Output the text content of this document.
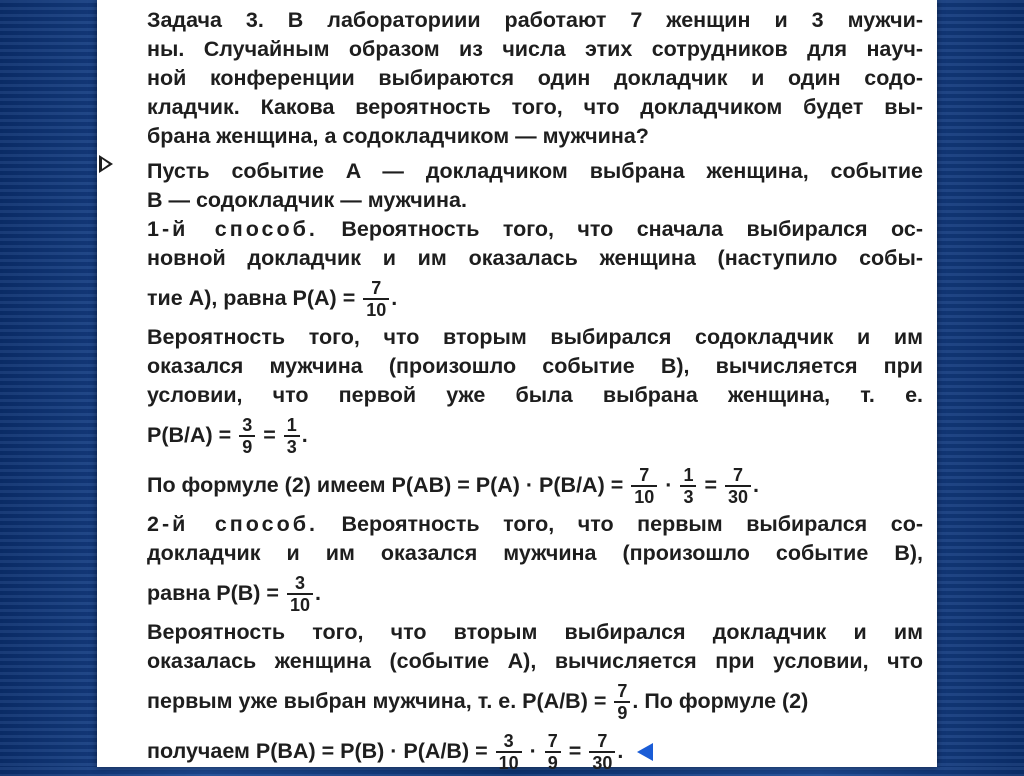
Задача 3. В лабораториии работают 7 женщин и 3 мужчи-
ны. Случайным образом из числа этих сотрудников для науч-
ной конференции выбираются один докладчик и один содо-
кладчик. Какова вероятность того, что докладчиком будет вы-
брана женщина, а содокладчиком — мужчина?
Пусть событие A — докладчиком выбрана женщина, событие
B — содокладчик — мужчина.
1-й способ. Вероятность того, что сначала выбирался ос-
новной докладчик и им оказалась женщина (наступило собы-
тие A), равна $P(A) = \frac{7}{10}$ .
Вероятность того, что вторым выбирался содокладчик и им
оказался мужчина (произошло событие B), вычисляется при
условии, что первой уже была выбрана женщина, т. е.
$P(B/A) = \frac{3}{9} = \frac{1}{3}$ .
По формуле (2) имеем $P(AB) = P(A) \cdot P(B/A) = \frac{7}{10} \cdot \frac{1}{3} = \frac{7}{30}$ .
2-й способ. Вероятность того, что первым выбирался со-
докладчик и им оказался мужчина (произошло событие B),
равна $P(B) = \frac{3}{10}$ .
Вероятность того, что вторым выбирался докладчик и им
оказалась женщина (событие A), вычисляется при условии, что
первым уже выбран мужчина, т. е. $P(A/B) = \frac{7}{9}$ . По формуле (2)
получаем $P(BA) = P(B) \cdot P(A/B) = \frac{3}{10} \cdot \frac{7}{9} = \frac{7}{30}$ .
